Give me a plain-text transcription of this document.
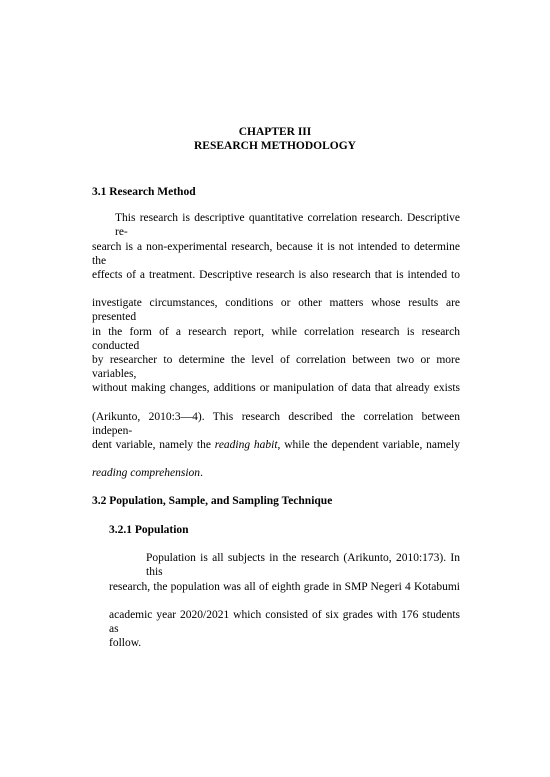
CHAPTER III
RESEARCH METHODOLOGY
3.1 Research Method
This research is descriptive quantitative correlation research. Descriptive re-
search is a non-experimental research, because it is not intended to determine the
effects of a treatment. Descriptive research is also research that is intended to
investigate circumstances, conditions or other matters whose results are presented
in the form of a research report, while correlation research is research conducted
by researcher to determine the level of correlation between two or more variables,
without making changes, additions or manipulation of data that already exists
(Arikunto, 2010:3—4). This research described the correlation between indepen-
dent variable, namely the reading habit, while the dependent variable, namely
reading comprehension.
3.2 Population, Sample, and Sampling Technique
3.2.1 Population
Population is all subjects in the research (Arikunto, 2010:173). In this
research, the population was all of eighth grade in SMP Negeri 4 Kotabumi
academic year 2020/2021 which consisted of six grades with 176 students as
follow.
